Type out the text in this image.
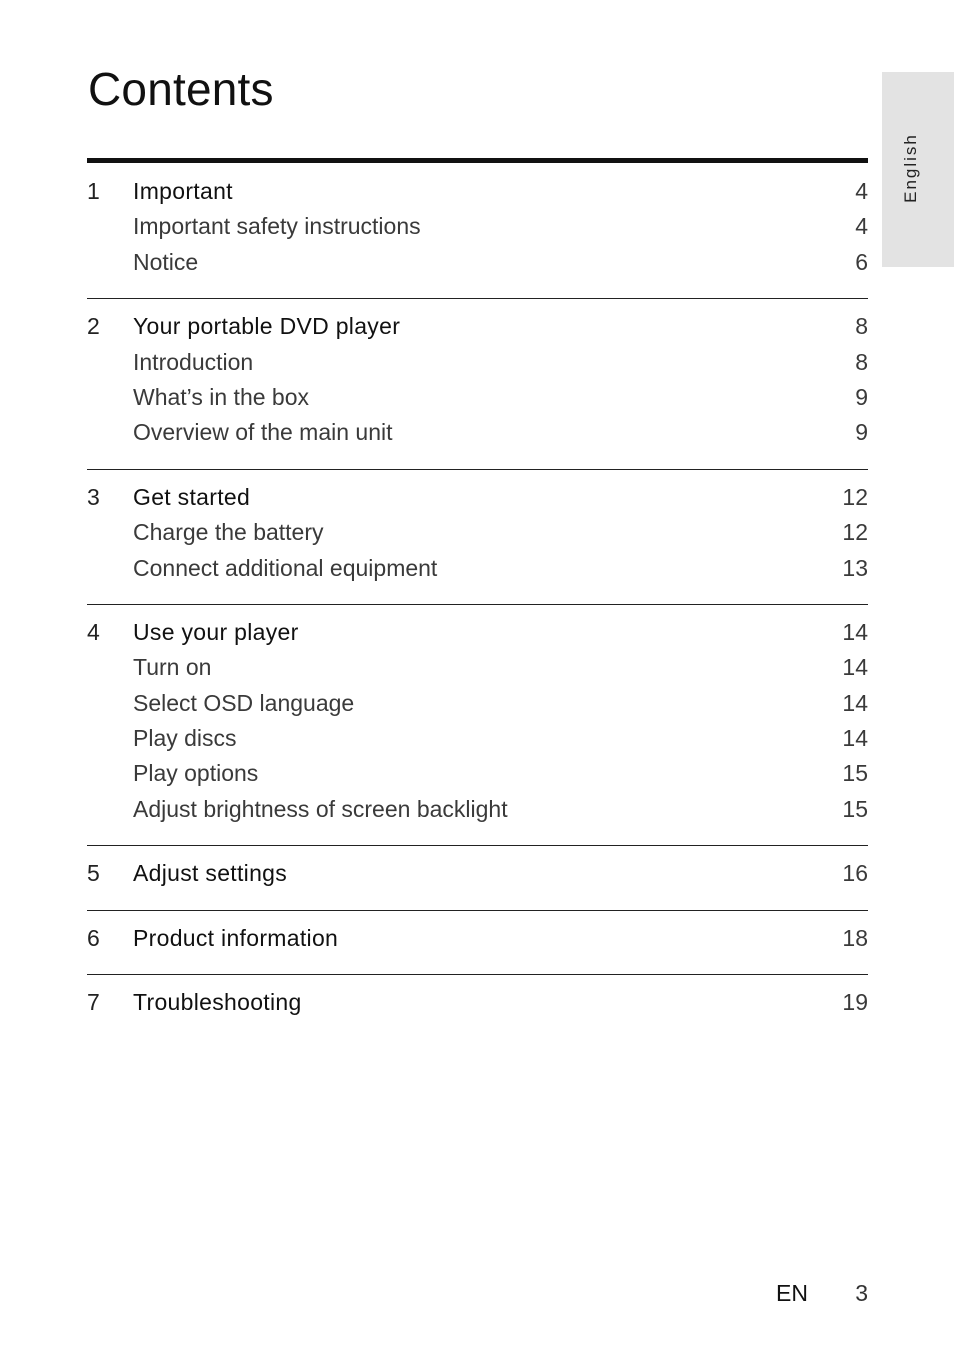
Contents
English
1 Important	4
Important safety instructions	4
Notice	6
2 Your portable DVD player	8
Introduction	8
What’s in the box	9
Overview of the main unit	9
3 Get started	12
Charge the battery	12
Connect additional equipment	13
4 Use your player	14
Turn on	14
Select OSD language	14
Play discs	14
Play options	15
Adjust brightness of screen backlight	15
5 Adjust settings	16
6 Product information	18
7 Troubleshooting	19
EN 3
